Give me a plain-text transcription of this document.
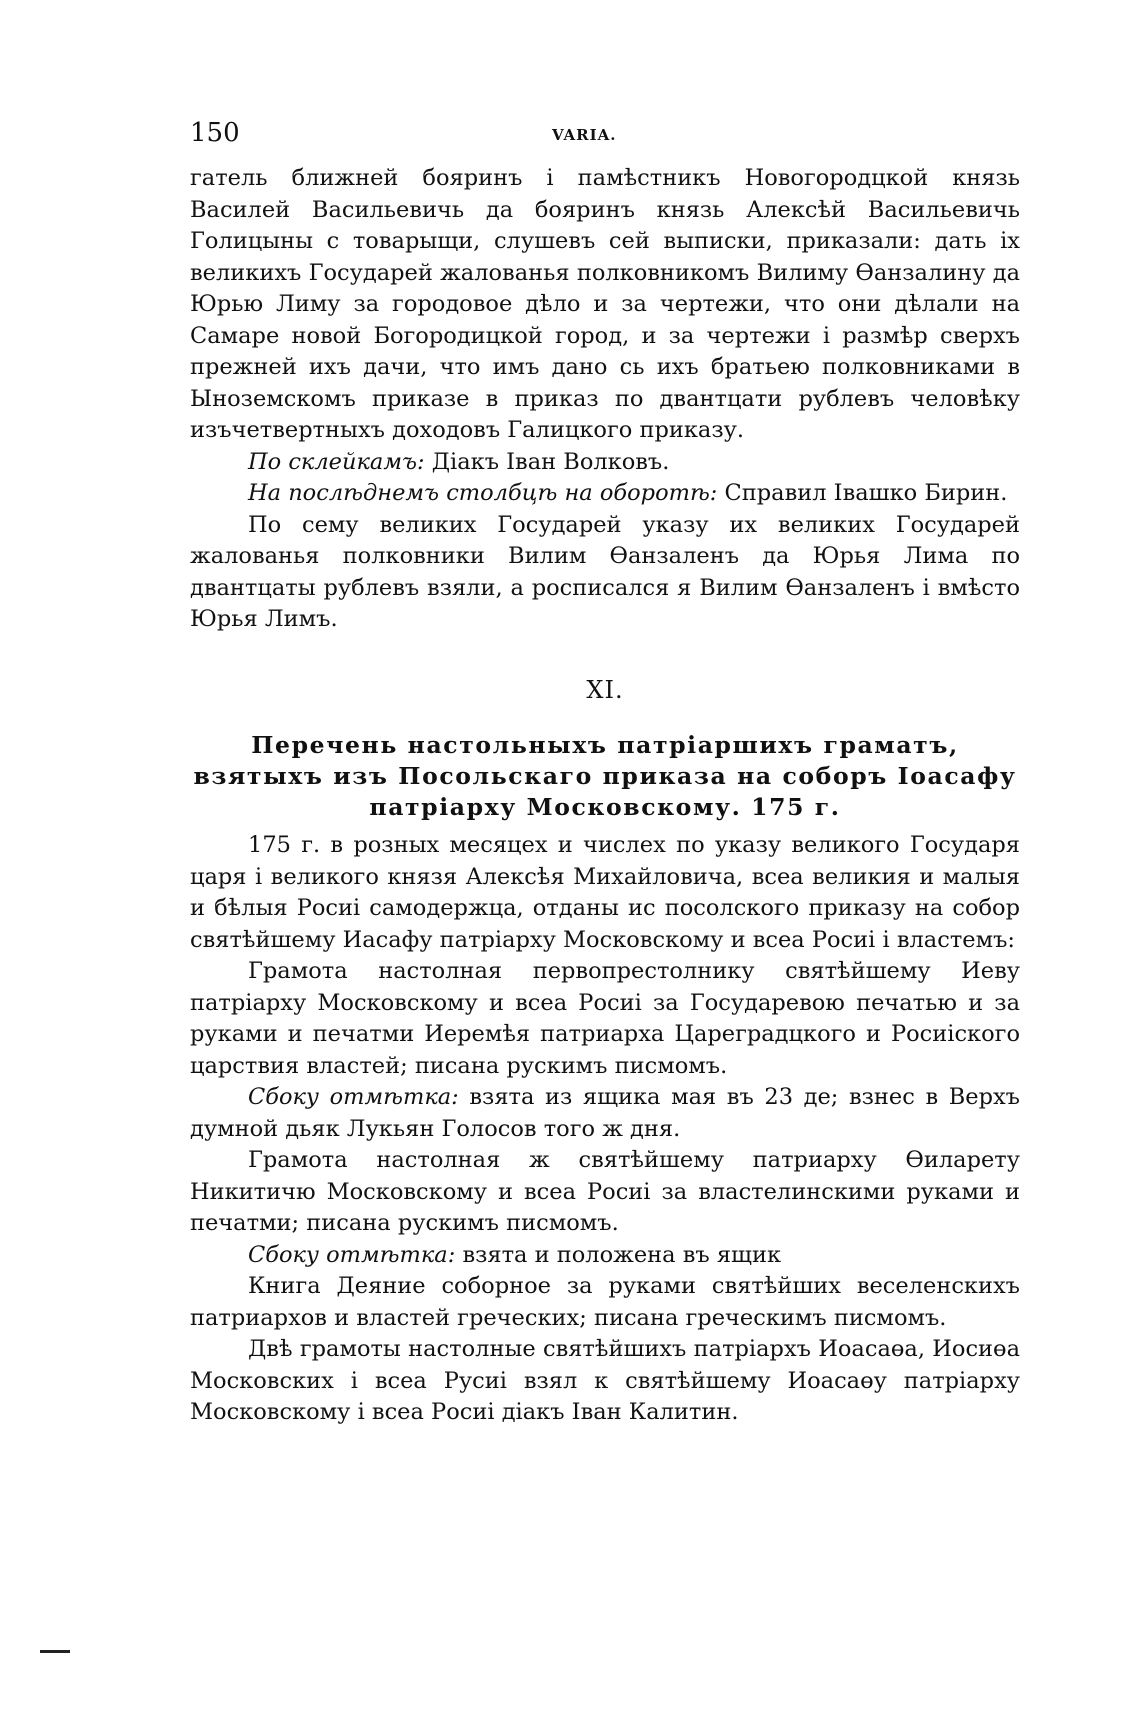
150	VARIA.

гатель ближней бояринъ і памѣстникъ Новогородцкой князь Василей Васильевичь да бояринъ князь Алексѣй Васильевичь Голицыны с товарыщи, слушевъ сей выписки, приказали: дать іх великихъ Государей жалованья полковникомъ Вилиму Өанзалину да Юрью Лиму за городовое дѣло и за чертежи, что они дѣлали на Самаре новой Богородицкой город, и за чертежи і размѣр сверхъ прежней ихъ дачи, что имъ дано сь ихъ братьею полковниками в Ыноземскомъ приказе в приказ по двантцати рублевъ человѣку изъчетвертныхъ доходовъ Галицкого приказу.

По склейкамъ: Діакъ Іван Волковъ.

На послѣднемъ столбцѣ на оборотѣ: Справил Івашко Бирин.

По сему великих Государей указу их великих Государей жалованья полковники Вилим Өанзаленъ да Юрья Лима по двантцаты рублевъ взяли, а росписался я Вилим Өанзаленъ і вмѣсто Юрья Лимъ.

XI.
Перечень настольныхъ патріаршихъ граматъ, взятыхъ изъ Посольскаго приказа на соборъ Іоасафу патріарху Московскому. 175 г.

175 г. в розных месяцех и числех по указу великого Государя царя і великого князя Алексѣя Михайловича, всеа великия и малыя и бѣлыя Росиі самодержца, отданы ис посолского приказу на собор святѣйшему Иасафу патріарху Московскому и всеа Росиі і властемъ:

Грамота настолная первопрестолнику святѣйшему Иеву патріарху Московскому и всеа Росиі за Государевою печатью и за руками и печатми Иеремѣя патриарха Цареградцкого и Росиіского царствия властей; писана рускимъ писмомъ.

Сбоку отмѣтка: взята из ящика мая въ 23 де; взнес в Верхъ думной дьяк Лукьян Голосов того ж дня.

Грамота настолная ж святѣйшему патриарху Өиларету Никитичю Московскому и всеа Росиі за властелинскими руками и печатми; писана рускимъ писмомъ.

Сбоку отмѣтка: взята и положена въ ящик

Книга Деяние соборное за руками святѣйших веселенскихъ патриархов и властей греческих; писана греческимъ писмомъ.

Двѣ грамоты настолные святѣйшихъ патріархъ Иоасаөа, Иосиөа Московских і всеа Русиі взял к святѣйшему Иоасаөу патріарху Московскому і всеа Росиі діакъ Іван Калитин.
